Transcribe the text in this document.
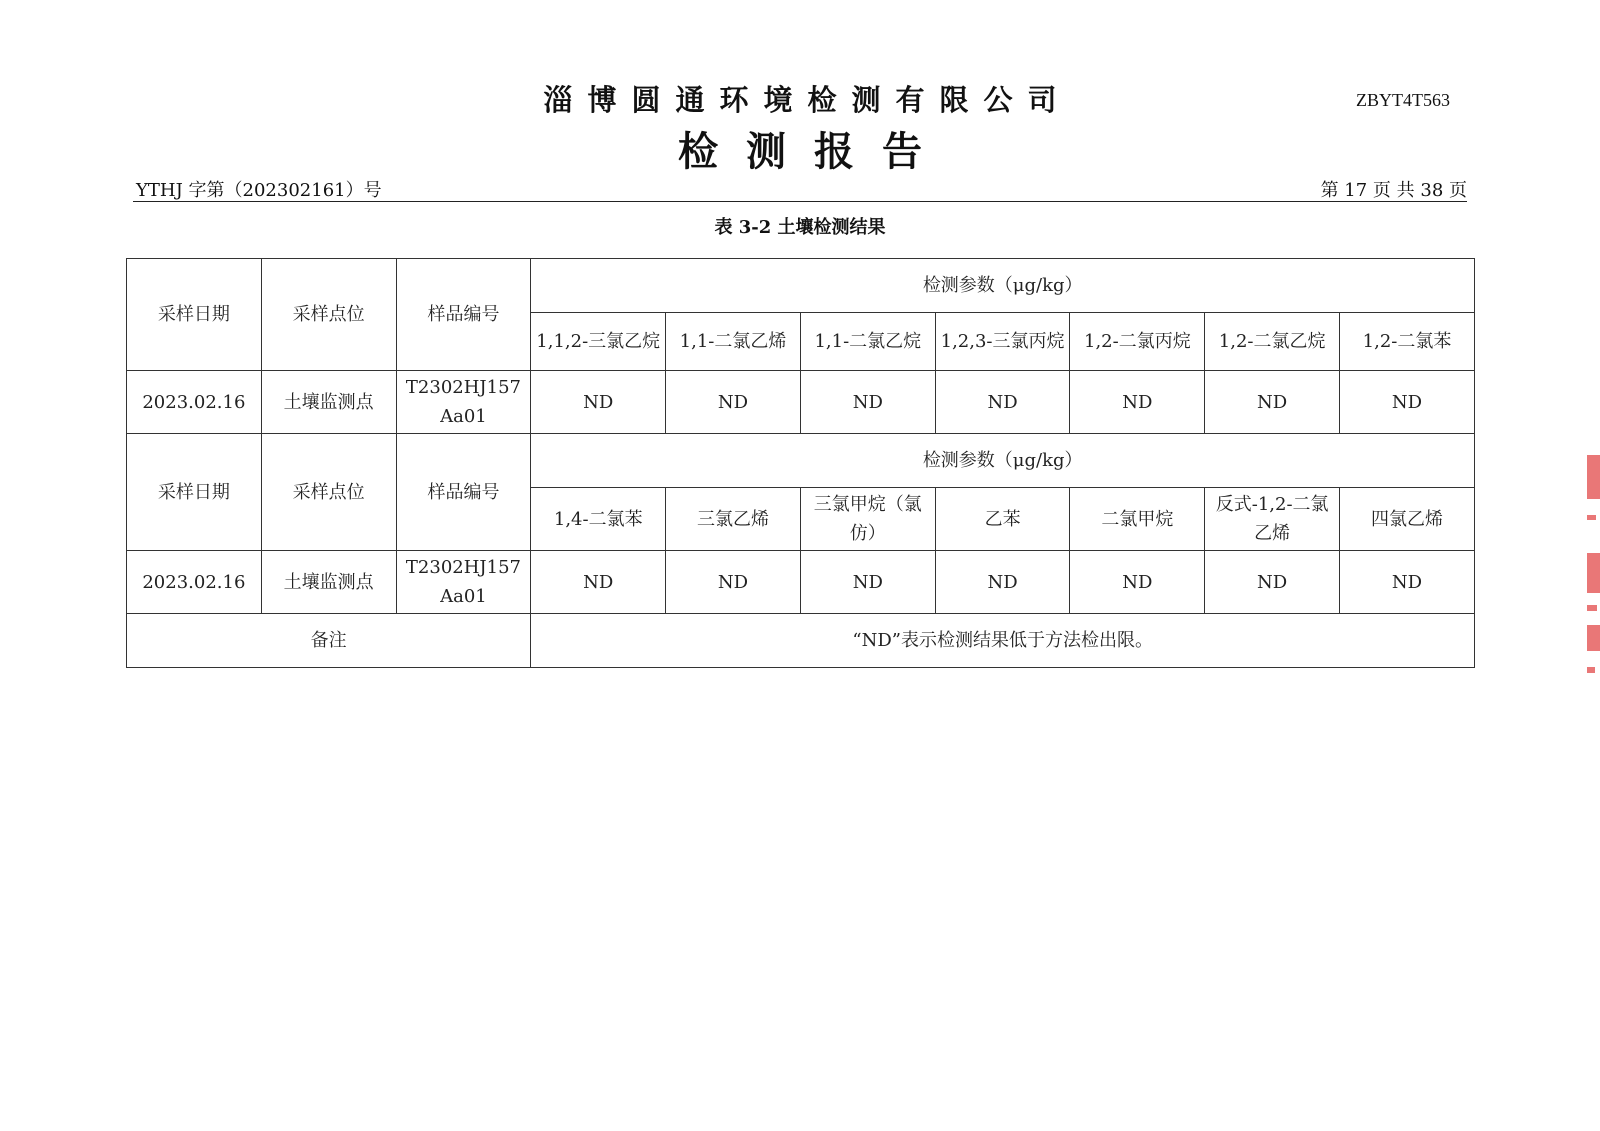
淄博圆通环境检测有限公司	ZBYT4T563
检测报告
YTHJ 字第（202302161）号	第 17 页 共 38 页
表 3-2 土壤检测结果
采样日期	采样点位	样品编号	检测参数（μg/kg）						
			1,1,2-三氯乙烷	1,1-二氯乙烯	1,1-二氯乙烷	1,2,3-三氯丙烷	1,2-二氯丙烷	1,2-二氯乙烷	1,2-二氯苯
2023.02.16	土壤监测点	T2302HJ157 Aa01	ND	ND	ND	ND	ND	ND	ND
采样日期	采样点位	样品编号	检测参数（μg/kg）						
			1,4-二氯苯	三氯乙烯	三氯甲烷（氯仿）	乙苯	二氯甲烷	反式-1,2-二氯乙烯	四氯乙烯
2023.02.16	土壤监测点	T2302HJ157 Aa01	ND	ND	ND	ND	ND	ND	ND
备注			“ND”表示检测结果低于方法检出限。						
